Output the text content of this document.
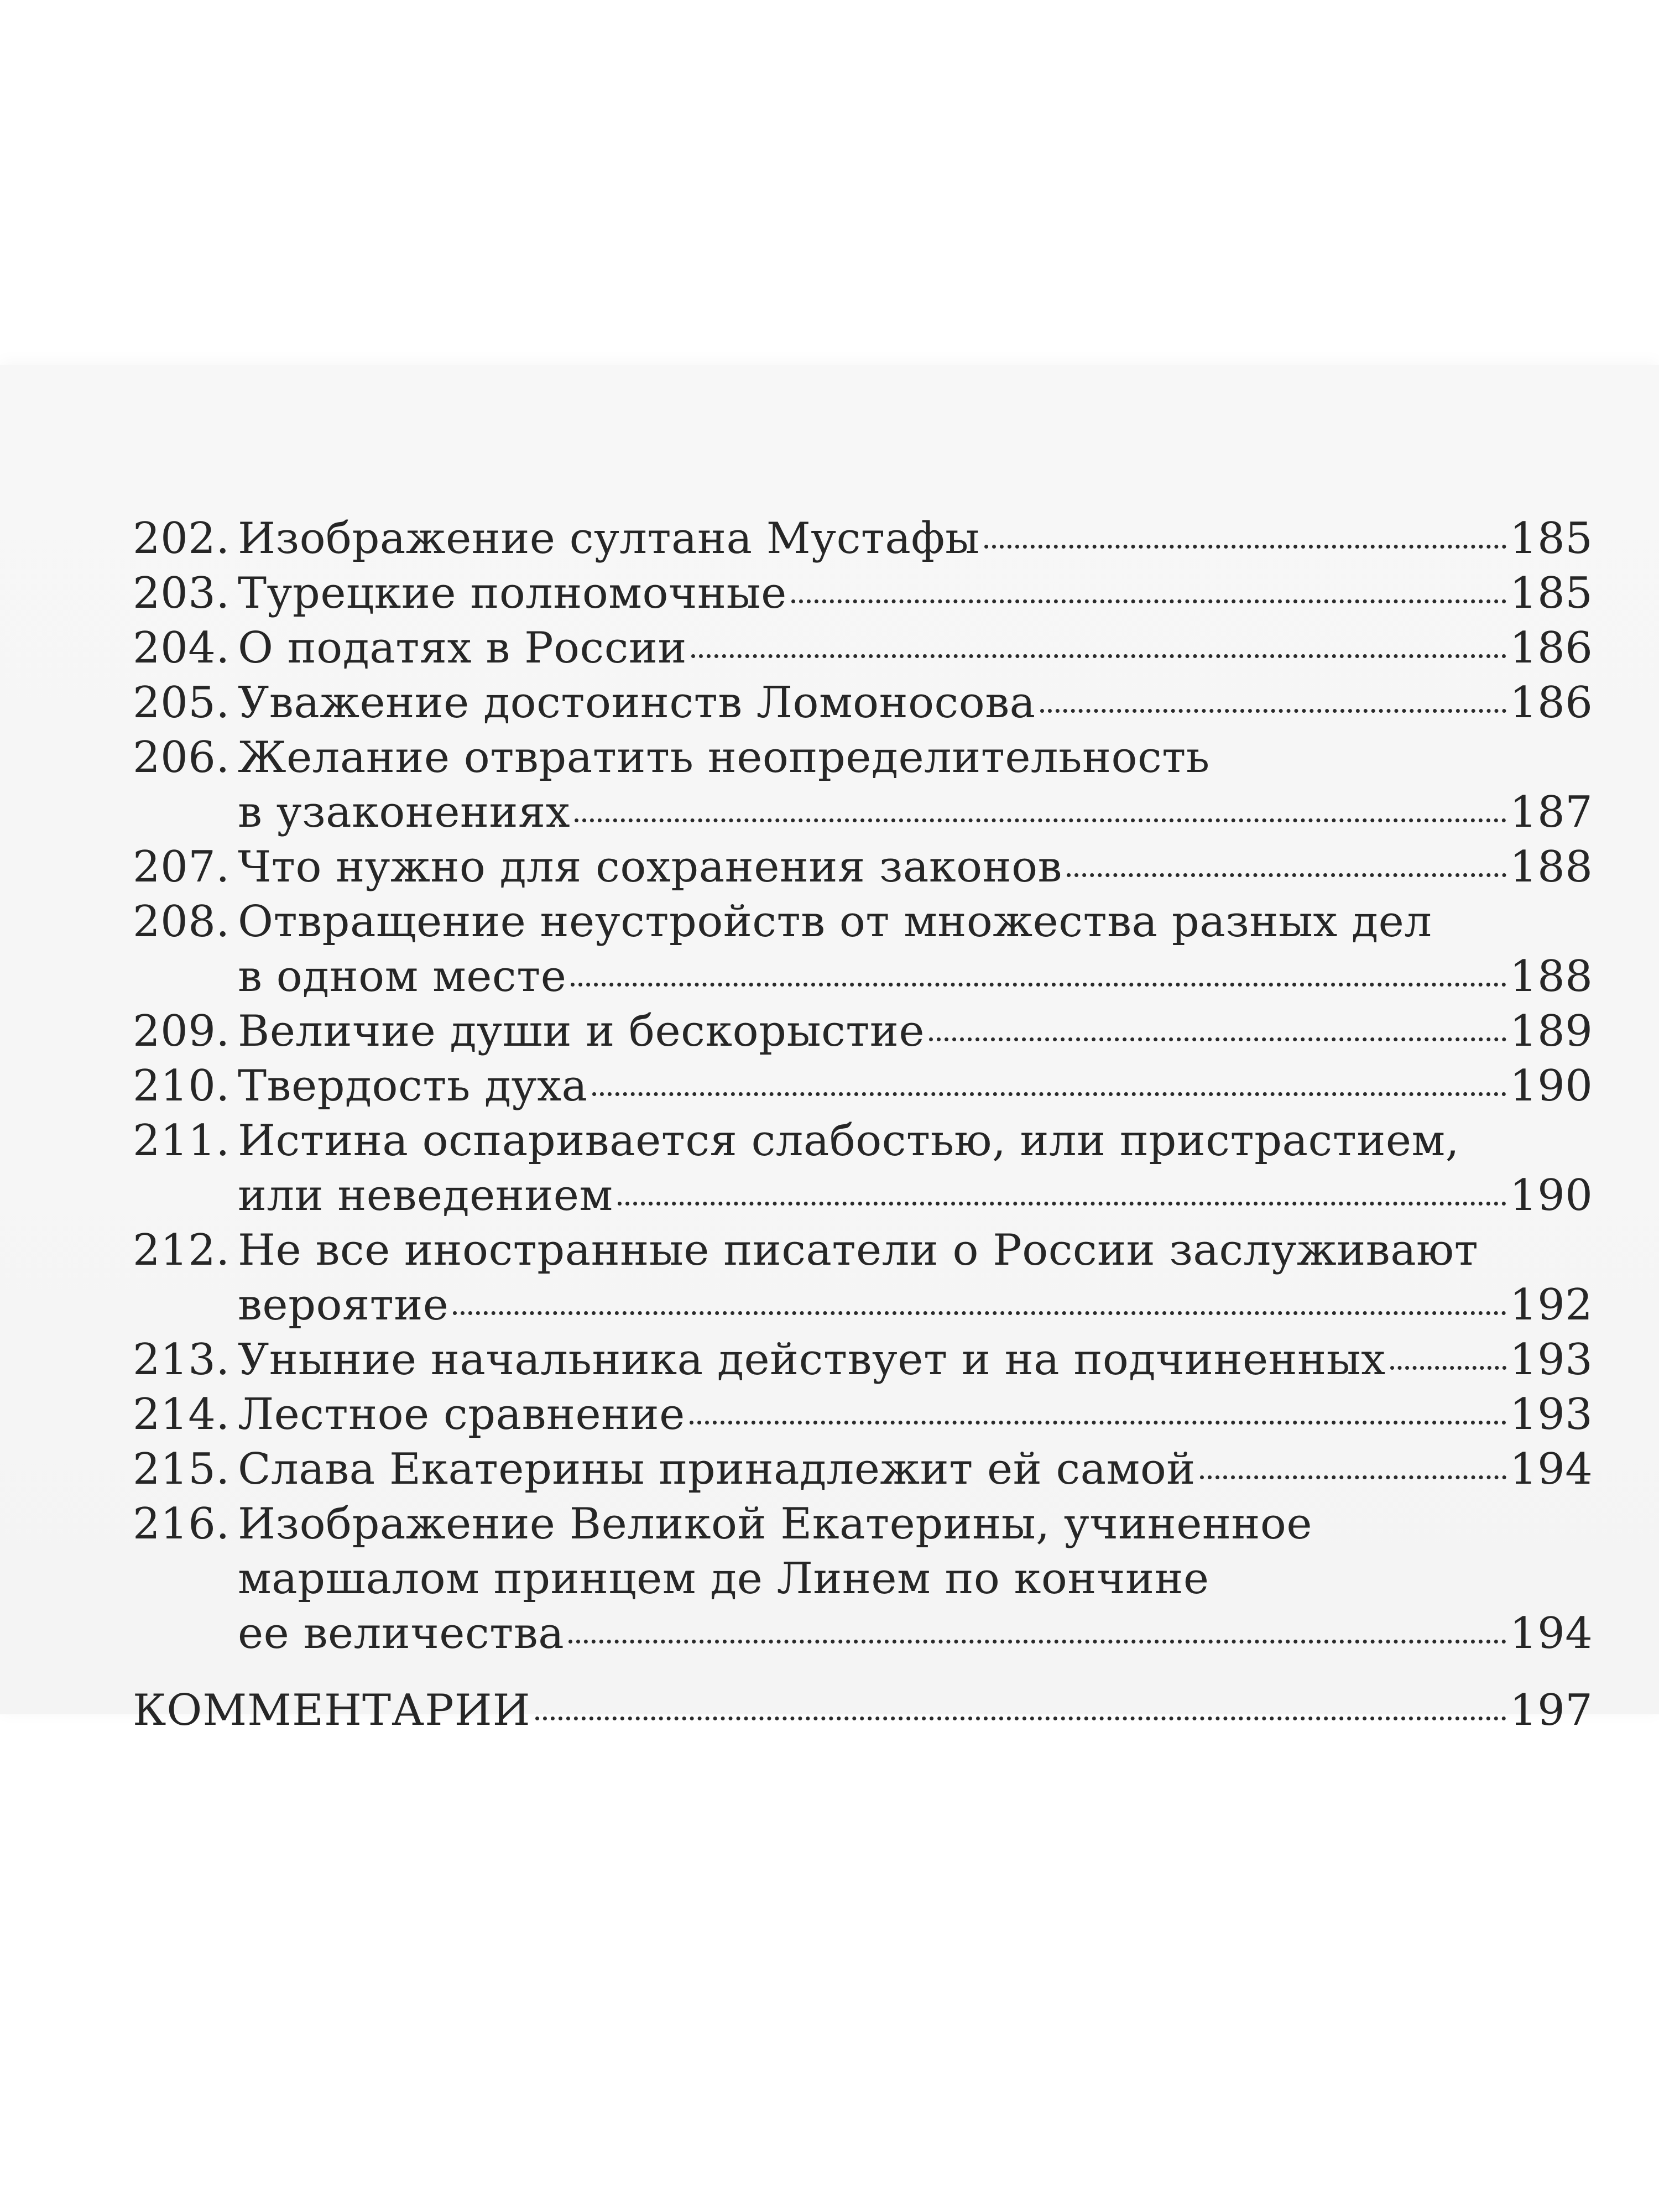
202. Изображение султана Мустафы	185
203. Турецкие полномочные	185
204. О податях в России	186
205. Уважение достоинств Ломоносова	186
206. Желание отвратить неопределительность
в узаконениях	187
207. Что нужно для сохранения законов	188
208. Отвращение неустройств от множества разных дел
в одном месте	188
209. Величие души и бескорыстие	189
210. Твердость духа	190
211. Истина оспаривается слабостью, или пристрастием,
или неведением	190
212. Не все иностранные писатели о России заслуживают
вероятие	192
213. Уныние начальника действует и на подчиненных	193
214. Лестное сравнение	193
215. Слава Екатерины принадлежит ей самой	194
216. Изображение Великой Екатерины, учиненное
маршалом принцем де Линем по кончине
ее величества	194
КОММЕНТАРИИ	197
